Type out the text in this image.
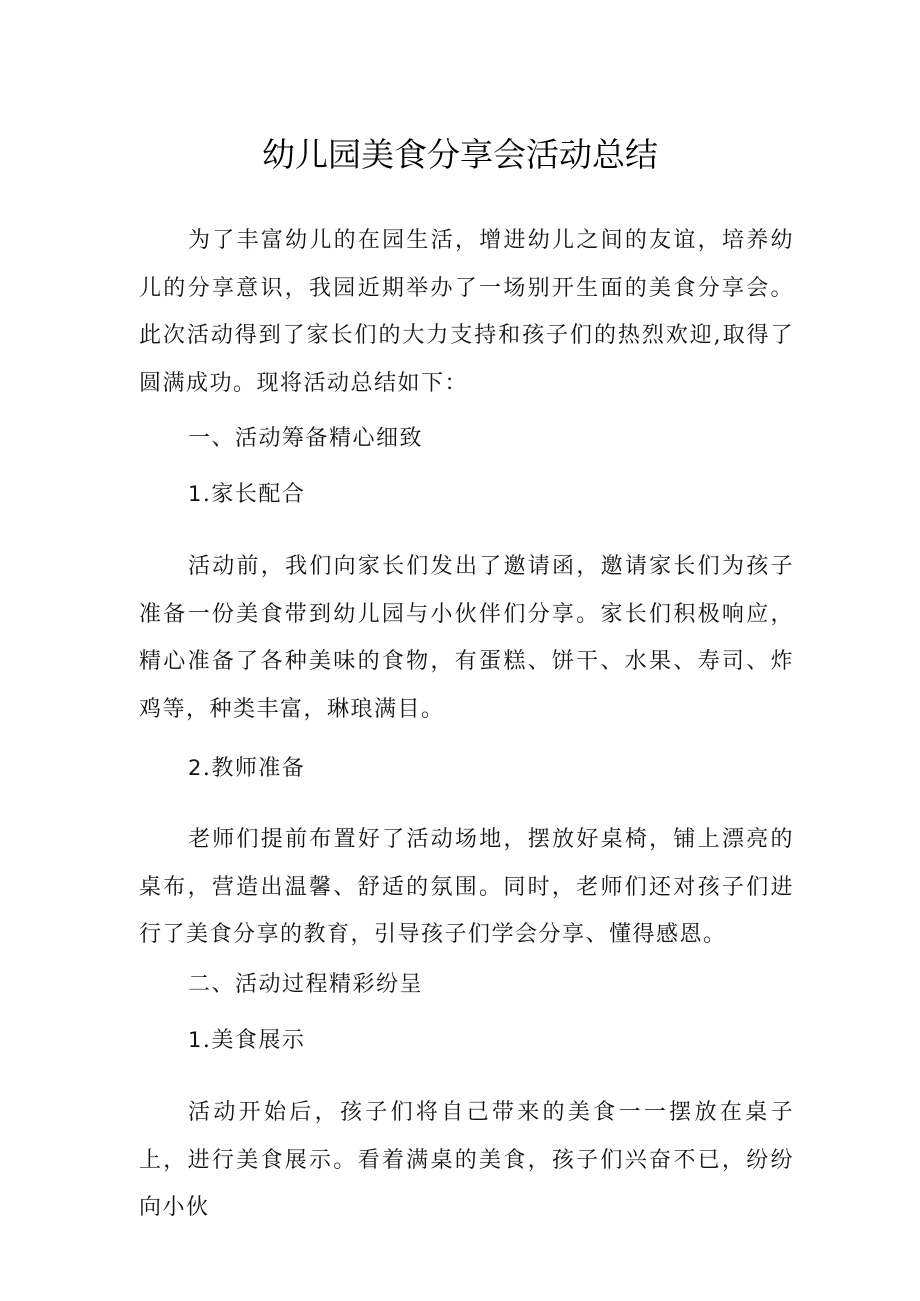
幼儿园美食分享会活动总结

为了丰富幼儿的在园生活，增进幼儿之间的友谊，培养幼儿的分享意识，我园近期举办了一场别开生面的美食分享会。此次活动得到了家长们的大力支持和孩子们的热烈欢迎,取得了圆满成功。现将活动总结如下：

一、活动筹备精心细致
1.家长配合

活动前，我们向家长们发出了邀请函，邀请家长们为孩子准备一份美食带到幼儿园与小伙伴们分享。家长们积极响应，精心准备了各种美味的食物，有蛋糕、饼干、水果、寿司、炸鸡等，种类丰富，琳琅满目。

2.教师准备

老师们提前布置好了活动场地，摆放好桌椅，铺上漂亮的桌布，营造出温馨、舒适的氛围。同时，老师们还对孩子们进行了美食分享的教育，引导孩子们学会分享、懂得感恩。

二、活动过程精彩纷呈
1.美食展示

活动开始后，孩子们将自己带来的美食一一摆放在桌子上，进行美食展示。看着满桌的美食，孩子们兴奋不已，纷纷向小伙
